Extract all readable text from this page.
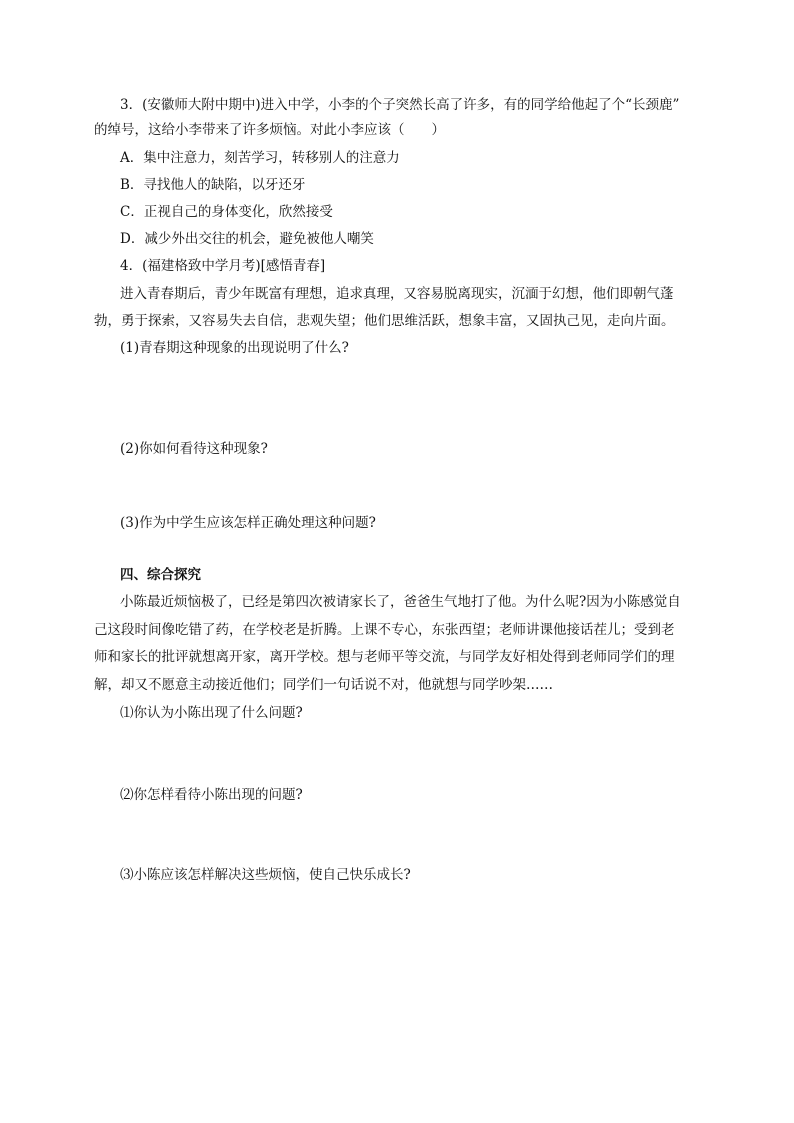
3．(安徽师大附中期中)进入中学，小李的个子突然长高了许多，有的同学给他起了个“长颈鹿”
的绰号，这给小李带来了许多烦恼。对此小李应该（　　）
A．集中注意力，刻苦学习，转移别人的注意力
B．寻找他人的缺陷，以牙还牙
C．正视自己的身体变化，欣然接受
D．减少外出交往的机会，避免被他人嘲笑
4．(福建格致中学月考)[感悟青春]
进入青春期后，青少年既富有理想，追求真理，又容易脱离现实，沉湎于幻想，他们即朝气蓬
勃，勇于探索，又容易失去自信，悲观失望；他们思维活跃，想象丰富，又固执己见，走向片面。
(1)青春期这种现象的出现说明了什么?
(2)你如何看待这种现象?
(3)作为中学生应该怎样正确处理这种问题?
四、综合探究
小陈最近烦恼极了，已经是第四次被请家长了，爸爸生气地打了他。为什么呢?因为小陈感觉自
己这段时间像吃错了药，在学校老是折腾。上课不专心，东张西望；老师讲课他接话茬儿；受到老
师和家长的批评就想离开家，离开学校。想与老师平等交流，与同学友好相处得到老师同学们的理
解，却又不愿意主动接近他们；同学们一句话说不对，他就想与同学吵架……
⑴你认为小陈出现了什么问题?
⑵你怎样看待小陈出现的问题?
⑶小陈应该怎样解决这些烦恼，使自己快乐成长?
